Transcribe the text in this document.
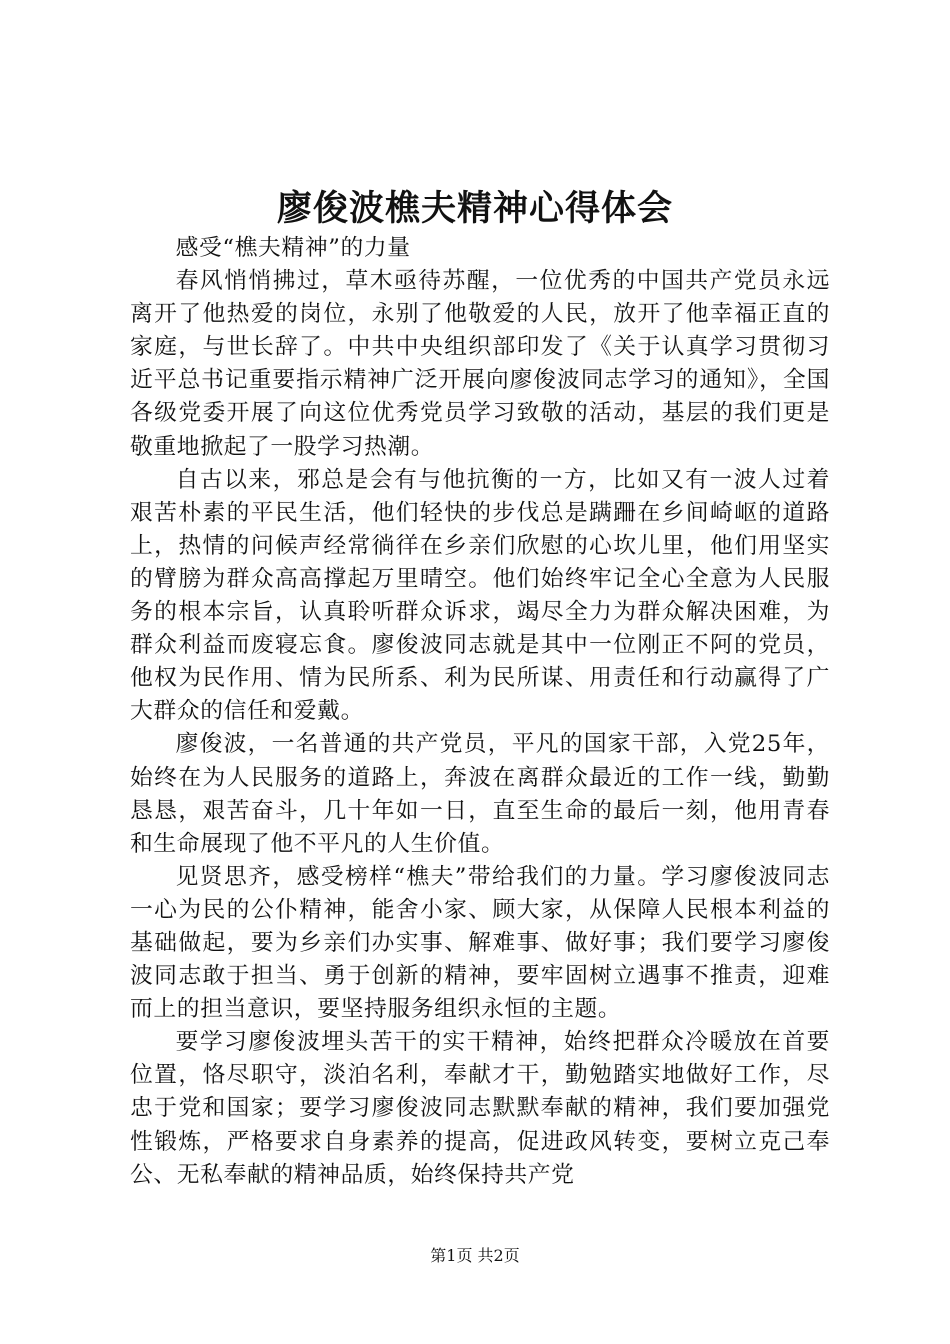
廖俊波樵夫精神心得体会

感受“樵夫精神”的力量

春风悄悄拂过，草木亟待苏醒，一位优秀的中国共产党员永远离开了他热爱的岗位，永别了他敬爱的人民，放开了他幸福正直的家庭，与世长辞了。中共中央组织部印发了《关于认真学习贯彻习近平总书记重要指示精神广泛开展向廖俊波同志学习的通知》，全国各级党委开展了向这位优秀党员学习致敬的活动，基层的我们更是敬重地掀起了一股学习热潮。

自古以来，邪总是会有与他抗衡的一方，比如又有一波人过着艰苦朴素的平民生活，他们轻快的步伐总是蹒跚在乡间崎岖的道路上，热情的问候声经常徜徉在乡亲们欣慰的心坎儿里，他们用坚实的臂膀为群众高高撑起万里晴空。他们始终牢记全心全意为人民服务的根本宗旨，认真聆听群众诉求，竭尽全力为群众解决困难，为群众利益而废寝忘食。廖俊波同志就是其中一位刚正不阿的党员，他权为民作用、情为民所系、利为民所谋、用责任和行动赢得了广大群众的信任和爱戴。

廖俊波，一名普通的共产党员，平凡的国家干部，入党25年，始终在为人民服务的道路上，奔波在离群众最近的工作一线，勤勤恳恳，艰苦奋斗，几十年如一日，直至生命的最后一刻，他用青春和生命展现了他不平凡的人生价值。

见贤思齐，感受榜样“樵夫”带给我们的力量。学习廖俊波同志一心为民的公仆精神，能舍小家、顾大家，从保障人民根本利益的基础做起，要为乡亲们办实事、解难事、做好事；我们要学习廖俊波同志敢于担当、勇于创新的精神，要牢固树立遇事不推责，迎难而上的担当意识，要坚持服务组织永恒的主题。

要学习廖俊波埋头苦干的实干精神，始终把群众冷暖放在首要位置，恪尽职守，淡泊名利，奉献才干，勤勉踏实地做好工作，尽忠于党和国家；要学习廖俊波同志默默奉献的精神，我们要加强党性锻炼，严格要求自身素养的提高，促进政风转变，要树立克己奉公、无私奉献的精神品质，始终保持共产党

第1页 共2页
